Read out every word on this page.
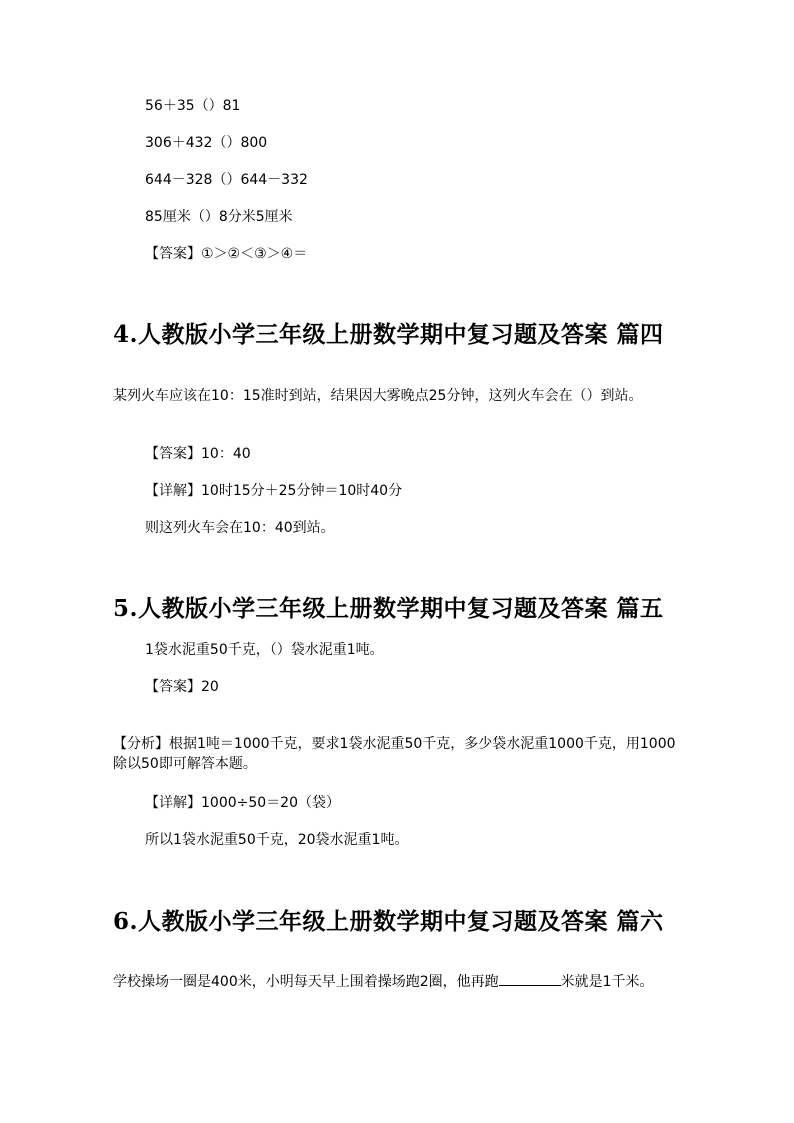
56＋35（）81
306＋432（）800
644－328（）644－332
85厘米（）8分米5厘米
【答案】①＞②＜③＞④＝
4.人教版小学三年级上册数学期中复习题及答案 篇四
某列火车应该在10：15准时到站，结果因大雾晚点25分钟，这列火车会在（）到站。
【答案】10：40
【详解】10时15分＋25分钟＝10时40分
则这列火车会在10：40到站。
5.人教版小学三年级上册数学期中复习题及答案 篇五
1袋水泥重50千克，（）袋水泥重1吨。
【答案】20
【分析】根据1吨＝1000千克，要求1袋水泥重50千克，多少袋水泥重1000千克，用1000除以50即可解答本题。
【详解】1000÷50＝20（袋）
所以1袋水泥重50千克，20袋水泥重1吨。
6.人教版小学三年级上册数学期中复习题及答案 篇六
学校操场一圈是400米，小明每天早上围着操场跑2圈，他再跑	米就是1千米。
